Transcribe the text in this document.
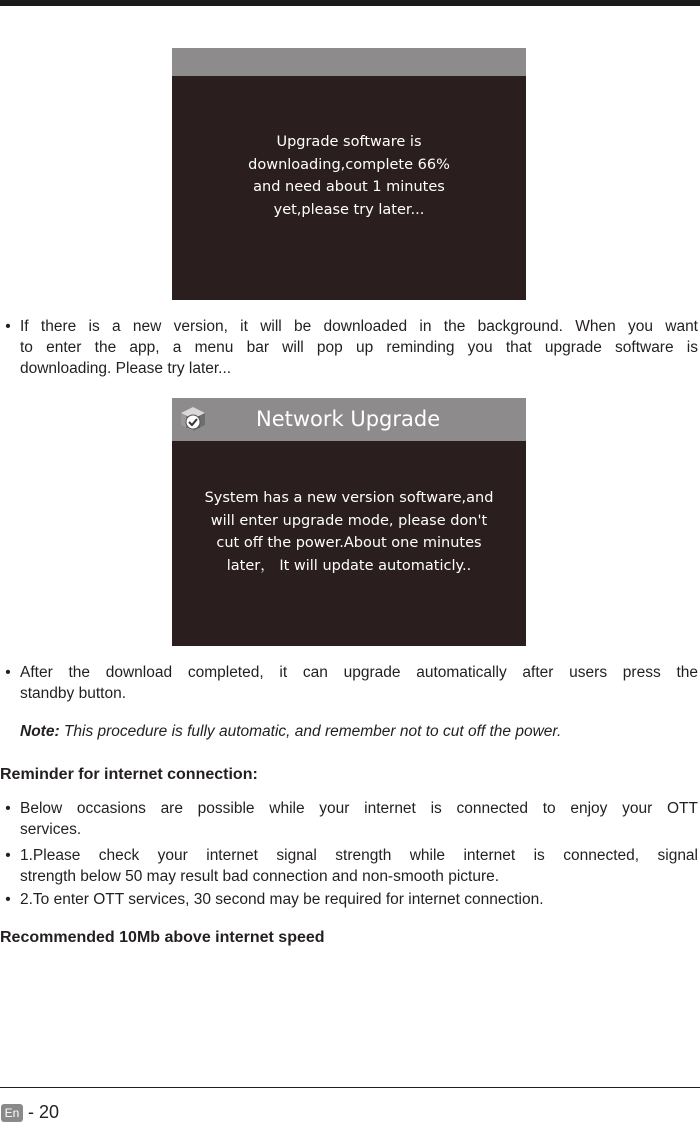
Upgrade software is
downloading,complete 66%
and need about 1 minutes
yet,please try later...
• If there is a new version, it will be downloaded in the background. When you want
to enter the app, a menu bar will pop up reminding you that upgrade software is
downloading. Please try later...
Network Upgrade
System has a new version software,and
will enter upgrade mode, please don't
cut off the power.About one minutes
later， It will update automaticly..
• After the download completed, it can upgrade automatically after users press the
standby button.
Note: This procedure is fully automatic, and remember not to cut off the power.
Reminder for internet connection:
• Below occasions are possible while your internet is connected to enjoy your OTT
services.
• 1.Please check your internet signal strength while internet is connected, signal
strength below 50 may result bad connection and non-smooth picture.
• 2.To enter OTT services, 30 second may be required for internet connection.
Recommended 10Mb above internet speed
En - 20
